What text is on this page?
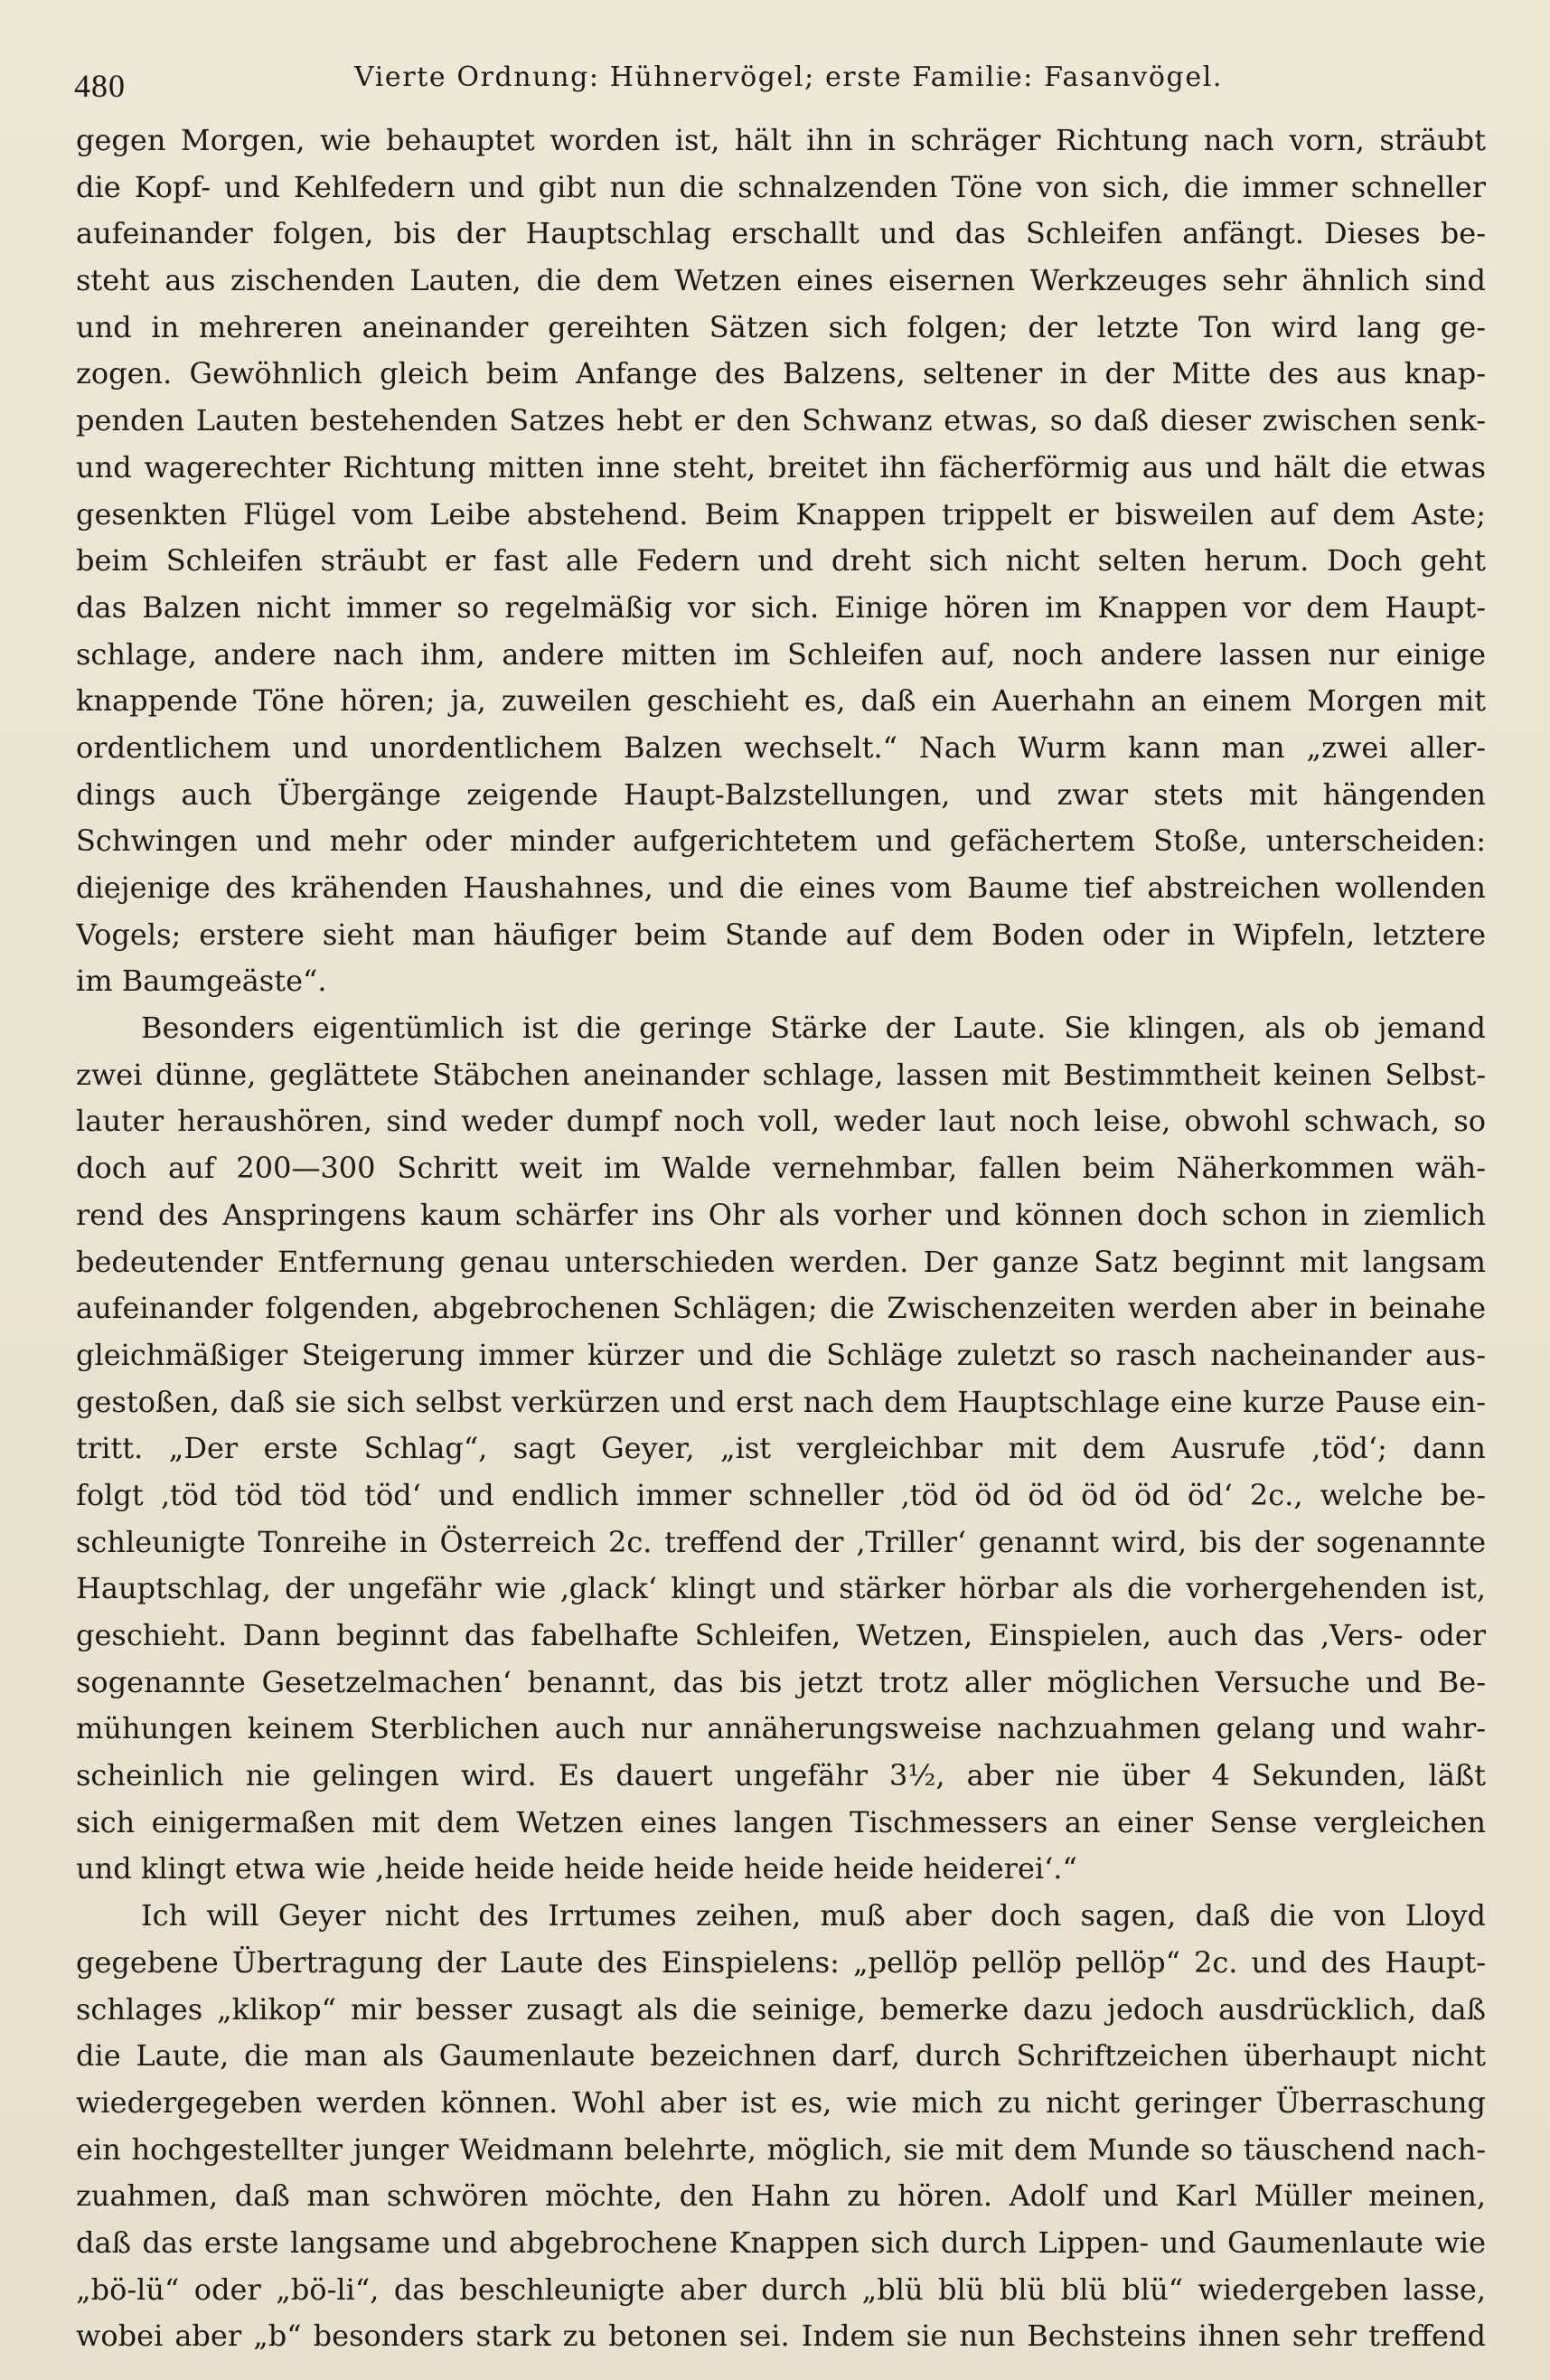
480	Vierte Ordnung: Hühnervögel; erste Familie: Fasanvögel.
gegen Morgen, wie behauptet worden ist, hält ihn in schräger Richtung nach vorn, sträubt
die Kopf- und Kehlfedern und gibt nun die schnalzenden Töne von sich, die immer schneller
aufeinander folgen, bis der Hauptschlag erschallt und das Schleifen anfängt. Dieses be-
steht aus zischenden Lauten, die dem Wetzen eines eisernen Werkzeuges sehr ähnlich sind
und in mehreren aneinander gereihten Sätzen sich folgen; der letzte Ton wird lang ge-
zogen. Gewöhnlich gleich beim Anfange des Balzens, seltener in der Mitte des aus knap-
penden Lauten bestehenden Satzes hebt er den Schwanz etwas, so daß dieser zwischen senk-
und wagerechter Richtung mitten inne steht, breitet ihn fächerförmig aus und hält die etwas
gesenkten Flügel vom Leibe abstehend. Beim Knappen trippelt er bisweilen auf dem Aste;
beim Schleifen sträubt er fast alle Federn und dreht sich nicht selten herum. Doch geht
das Balzen nicht immer so regelmäßig vor sich. Einige hören im Knappen vor dem Haupt-
schlage, andere nach ihm, andere mitten im Schleifen auf, noch andere lassen nur einige
knappende Töne hören; ja, zuweilen geschieht es, daß ein Auerhahn an einem Morgen mit
ordentlichem und unordentlichem Balzen wechselt.“ Nach Wurm kann man „zwei aller-
dings auch Übergänge zeigende Haupt-Balzstellungen, und zwar stets mit hängenden
Schwingen und mehr oder minder aufgerichtetem und gefächertem Stoße, unterscheiden:
diejenige des krähenden Haushahnes, und die eines vom Baume tief abstreichen wollenden
Vogels; erstere sieht man häufiger beim Stande auf dem Boden oder in Wipfeln, letztere
im Baumgeäste“.
Besonders eigentümlich ist die geringe Stärke der Laute. Sie klingen, als ob jemand
zwei dünne, geglättete Stäbchen aneinander schlage, lassen mit Bestimmtheit keinen Selbst-
lauter heraushören, sind weder dumpf noch voll, weder laut noch leise, obwohl schwach, so
doch auf 200—300 Schritt weit im Walde vernehmbar, fallen beim Näherkommen wäh-
rend des Anspringens kaum schärfer ins Ohr als vorher und können doch schon in ziemlich
bedeutender Entfernung genau unterschieden werden. Der ganze Satz beginnt mit langsam
aufeinander folgenden, abgebrochenen Schlägen; die Zwischenzeiten werden aber in beinahe
gleichmäßiger Steigerung immer kürzer und die Schläge zuletzt so rasch nacheinander aus-
gestoßen, daß sie sich selbst verkürzen und erst nach dem Hauptschlage eine kurze Pause ein-
tritt. „Der erste Schlag“, sagt Geyer, „ist vergleichbar mit dem Ausrufe ‚töd‘; dann
folgt ‚töd töd töd töd‘ und endlich immer schneller ‚töd öd öd öd öd öd‘ 2c., welche be-
schleunigte Tonreihe in Österreich 2c. treffend der ‚Triller‘ genannt wird, bis der sogenannte
Hauptschlag, der ungefähr wie ‚glack‘ klingt und stärker hörbar als die vorhergehenden ist,
geschieht. Dann beginnt das fabelhafte Schleifen, Wetzen, Einspielen, auch das ‚Vers- oder
sogenannte Gesetzelmachen‘ benannt, das bis jetzt trotz aller möglichen Versuche und Be-
mühungen keinem Sterblichen auch nur annäherungsweise nachzuahmen gelang und wahr-
scheinlich nie gelingen wird. Es dauert ungefähr 3½, aber nie über 4 Sekunden, läßt
sich einigermaßen mit dem Wetzen eines langen Tischmessers an einer Sense vergleichen
und klingt etwa wie ‚heide heide heide heide heide heide heiderei‘.“
Ich will Geyer nicht des Irrtumes zeihen, muß aber doch sagen, daß die von Lloyd
gegebene Übertragung der Laute des Einspielens: „pellöp pellöp pellöp“ 2c. und des Haupt-
schlages „klikop“ mir besser zusagt als die seinige, bemerke dazu jedoch ausdrücklich, daß
die Laute, die man als Gaumenlaute bezeichnen darf, durch Schriftzeichen überhaupt nicht
wiedergegeben werden können. Wohl aber ist es, wie mich zu nicht geringer Überraschung
ein hochgestellter junger Weidmann belehrte, möglich, sie mit dem Munde so täuschend nach-
zuahmen, daß man schwören möchte, den Hahn zu hören. Adolf und Karl Müller meinen,
daß das erste langsame und abgebrochene Knappen sich durch Lippen- und Gaumenlaute wie
„bö-lü“ oder „bö-li“, das beschleunigte aber durch „blü blü blü blü blü“ wiedergeben lasse,
wobei aber „b“ besonders stark zu betonen sei. Indem sie nun Bechsteins ihnen sehr treffend
